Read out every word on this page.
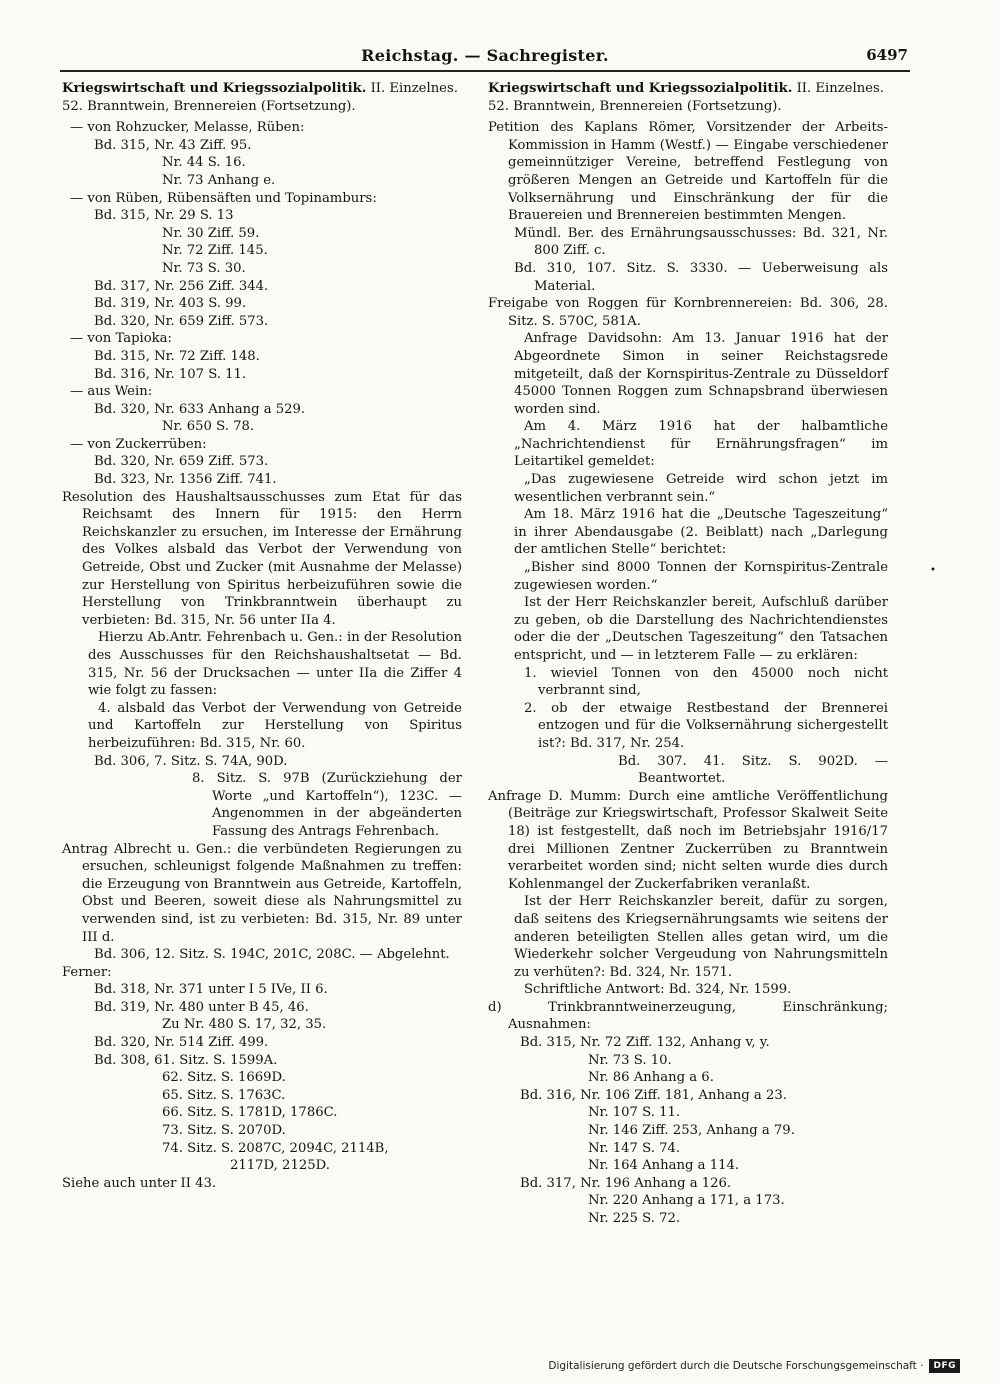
Reichstag. — Sachregister.	6497
•

Kriegswirtschaft und Kriegssozialpolitik. II. Einzelnes.
52. Branntwein, Brennereien (Fortsetzung).

— von Rohzucker, Melasse, Rüben:

Bd. 315, Nr. 43 Ziff. 95.

Nr. 44 S. 16.

Nr. 73 Anhang e.

— von Rüben, Rübensäften und Topinamburs:

Bd. 315, Nr. 29 S. 13

Nr. 30 Ziff. 59.

Nr. 72 Ziff. 145.

Nr. 73 S. 30.

Bd. 317, Nr. 256 Ziff. 344.

Bd. 319, Nr. 403 S. 99.

Bd. 320, Nr. 659 Ziff. 573.

— von Tapioka:

Bd. 315, Nr. 72 Ziff. 148.

Bd. 316, Nr. 107 S. 11.

— aus Wein:

Bd. 320, Nr. 633 Anhang a 529.

Nr. 650 S. 78.

— von Zuckerrüben:

Bd. 320, Nr. 659 Ziff. 573.

Bd. 323, Nr. 1356 Ziff. 741.

Resolution des Haushaltsausschusses zum Etat für das Reichsamt des Innern für 1915: den Herrn Reichskanzler zu ersuchen, im Interesse der Ernährung des Volkes alsbald das Verbot der Verwendung von Getreide, Obst und Zucker (mit Ausnahme der Melasse) zur Herstellung von Spiritus herbeizuführen sowie die Herstellung von Trinkbranntwein überhaupt zu verbieten: Bd. 315, Nr. 56 unter IIa 4.

Hierzu Ab.Antr. Fehrenbach u. Gen.: in der Resolution des Ausschusses für den Reichshaushaltsetat — Bd. 315, Nr. 56 der Drucksachen — unter IIa die Ziffer 4 wie folgt zu fassen:

4. alsbald das Verbot der Verwendung von Getreide und Kartoffeln zur Herstellung von Spiritus herbeizuführen: Bd. 315, Nr. 60.

Bd. 306, 7. Sitz. S. 74A, 90D.

8. Sitz. S. 97B (Zurückziehung der Worte „und Kartoffeln“), 123C. — Angenommen in der abgeänderten Fassung des Antrags Fehrenbach.

Antrag Albrecht u. Gen.: die verbündeten Regierungen zu ersuchen, schleunigst folgende Maßnahmen zu treffen: die Erzeugung von Branntwein aus Getreide, Kartoffeln, Obst und Beeren, soweit diese als Nahrungsmittel zu verwenden sind, ist zu verbieten: Bd. 315, Nr. 89 unter III d.

Bd. 306, 12. Sitz. S. 194C, 201C, 208C. — Abgelehnt.

Ferner:

Bd. 318, Nr. 371 unter I 5 IVe, II 6.

Bd. 319, Nr. 480 unter B 45, 46.

Zu Nr. 480 S. 17, 32, 35.

Bd. 320, Nr. 514 Ziff. 499.

Bd. 308, 61. Sitz. S. 1599A.

62. Sitz. S. 1669D.

65. Sitz. S. 1763C.

66. Sitz. S. 1781D, 1786C.

73. Sitz. S. 2070D.

74. Sitz. S. 2087C, 2094C, 2114B,

2117D, 2125D.

Siehe auch unter II 43.

Kriegswirtschaft und Kriegssozialpolitik. II. Einzelnes.
52. Branntwein, Brennereien (Fortsetzung).

Petition des Kaplans Römer, Vorsitzender der Arbeits-Kommission in Hamm (Westf.) — Eingabe verschiedener gemeinnütziger Vereine, betreffend Festlegung von größeren Mengen an Getreide und Kartoffeln für die Volksernährung und Einschränkung der für die Brauereien und Brennereien bestimmten Mengen.

Mündl. Ber. des Ernährungsausschusses: Bd. 321, Nr. 800 Ziff. c.

Bd. 310, 107. Sitz. S. 3330. — Ueberweisung als Material.

Freigabe von Roggen für Kornbrennereien: Bd. 306, 28. Sitz. S. 570C, 581A.

Anfrage Davidsohn: Am 13. Januar 1916 hat der Abgeordnete Simon in seiner Reichstagsrede mitgeteilt, daß der Kornspiritus-Zentrale zu Düsseldorf 45000 Tonnen Roggen zum Schnapsbrand überwiesen worden sind.

Am 4. März 1916 hat der halbamtliche „Nachrichtendienst für Ernährungsfragen“ im Leitartikel gemeldet:

„Das zugewiesene Getreide wird schon jetzt im wesentlichen verbrannt sein.“

Am 18. März 1916 hat die „Deutsche Tageszeitung“ in ihrer Abendausgabe (2. Beiblatt) nach „Darlegung der amtlichen Stelle“ berichtet:

„Bisher sind 8000 Tonnen der Kornspiritus-Zentrale zugewiesen worden.“

Ist der Herr Reichskanzler bereit, Aufschluß darüber zu geben, ob die Darstellung des Nachrichtendienstes oder die der „Deutschen Tageszeitung“ den Tatsachen entspricht, und — in letzterem Falle — zu erklären:

1. wieviel Tonnen von den 45000 noch nicht verbrannt sind,

2. ob der etwaige Restbestand der Brennerei entzogen und für die Volksernährung sichergestellt ist?: Bd. 317, Nr. 254.

Bd. 307. 41. Sitz. S. 902D. — Beantwortet.

Anfrage D. Mumm: Durch eine amtliche Veröffentlichung (Beiträge zur Kriegswirtschaft, Professor Skalweit Seite 18) ist festgestellt, daß noch im Betriebsjahr 1916/17 drei Millionen Zentner Zuckerrüben zu Branntwein verarbeitet worden sind; nicht selten wurde dies durch Kohlenmangel der Zuckerfabriken veranlaßt.

Ist der Herr Reichskanzler bereit, dafür zu sorgen, daß seitens des Kriegsernährungsamts wie seitens der anderen beteiligten Stellen alles getan wird, um die Wiederkehr solcher Vergeudung von Nahrungsmitteln zu verhüten?: Bd. 324, Nr. 1571.

Schriftliche Antwort: Bd. 324, Nr. 1599.

d) Trinkbranntweinerzeugung, Einschränkung; Ausnahmen:

Bd. 315, Nr. 72 Ziff. 132, Anhang v, y.

Nr. 73 S. 10.

Nr. 86 Anhang a 6.

Bd. 316, Nr. 106 Ziff. 181, Anhang a 23.

Nr. 107 S. 11.

Nr. 146 Ziff. 253, Anhang a 79.

Nr. 147 S. 74.

Nr. 164 Anhang a 114.

Bd. 317, Nr. 196 Anhang a 126.

Nr. 220 Anhang a 171, a 173.

Nr. 225 S. 72.

Digitalisierung gefördert durch die Deutsche Forschungsgemeinschaft ·	DFG
